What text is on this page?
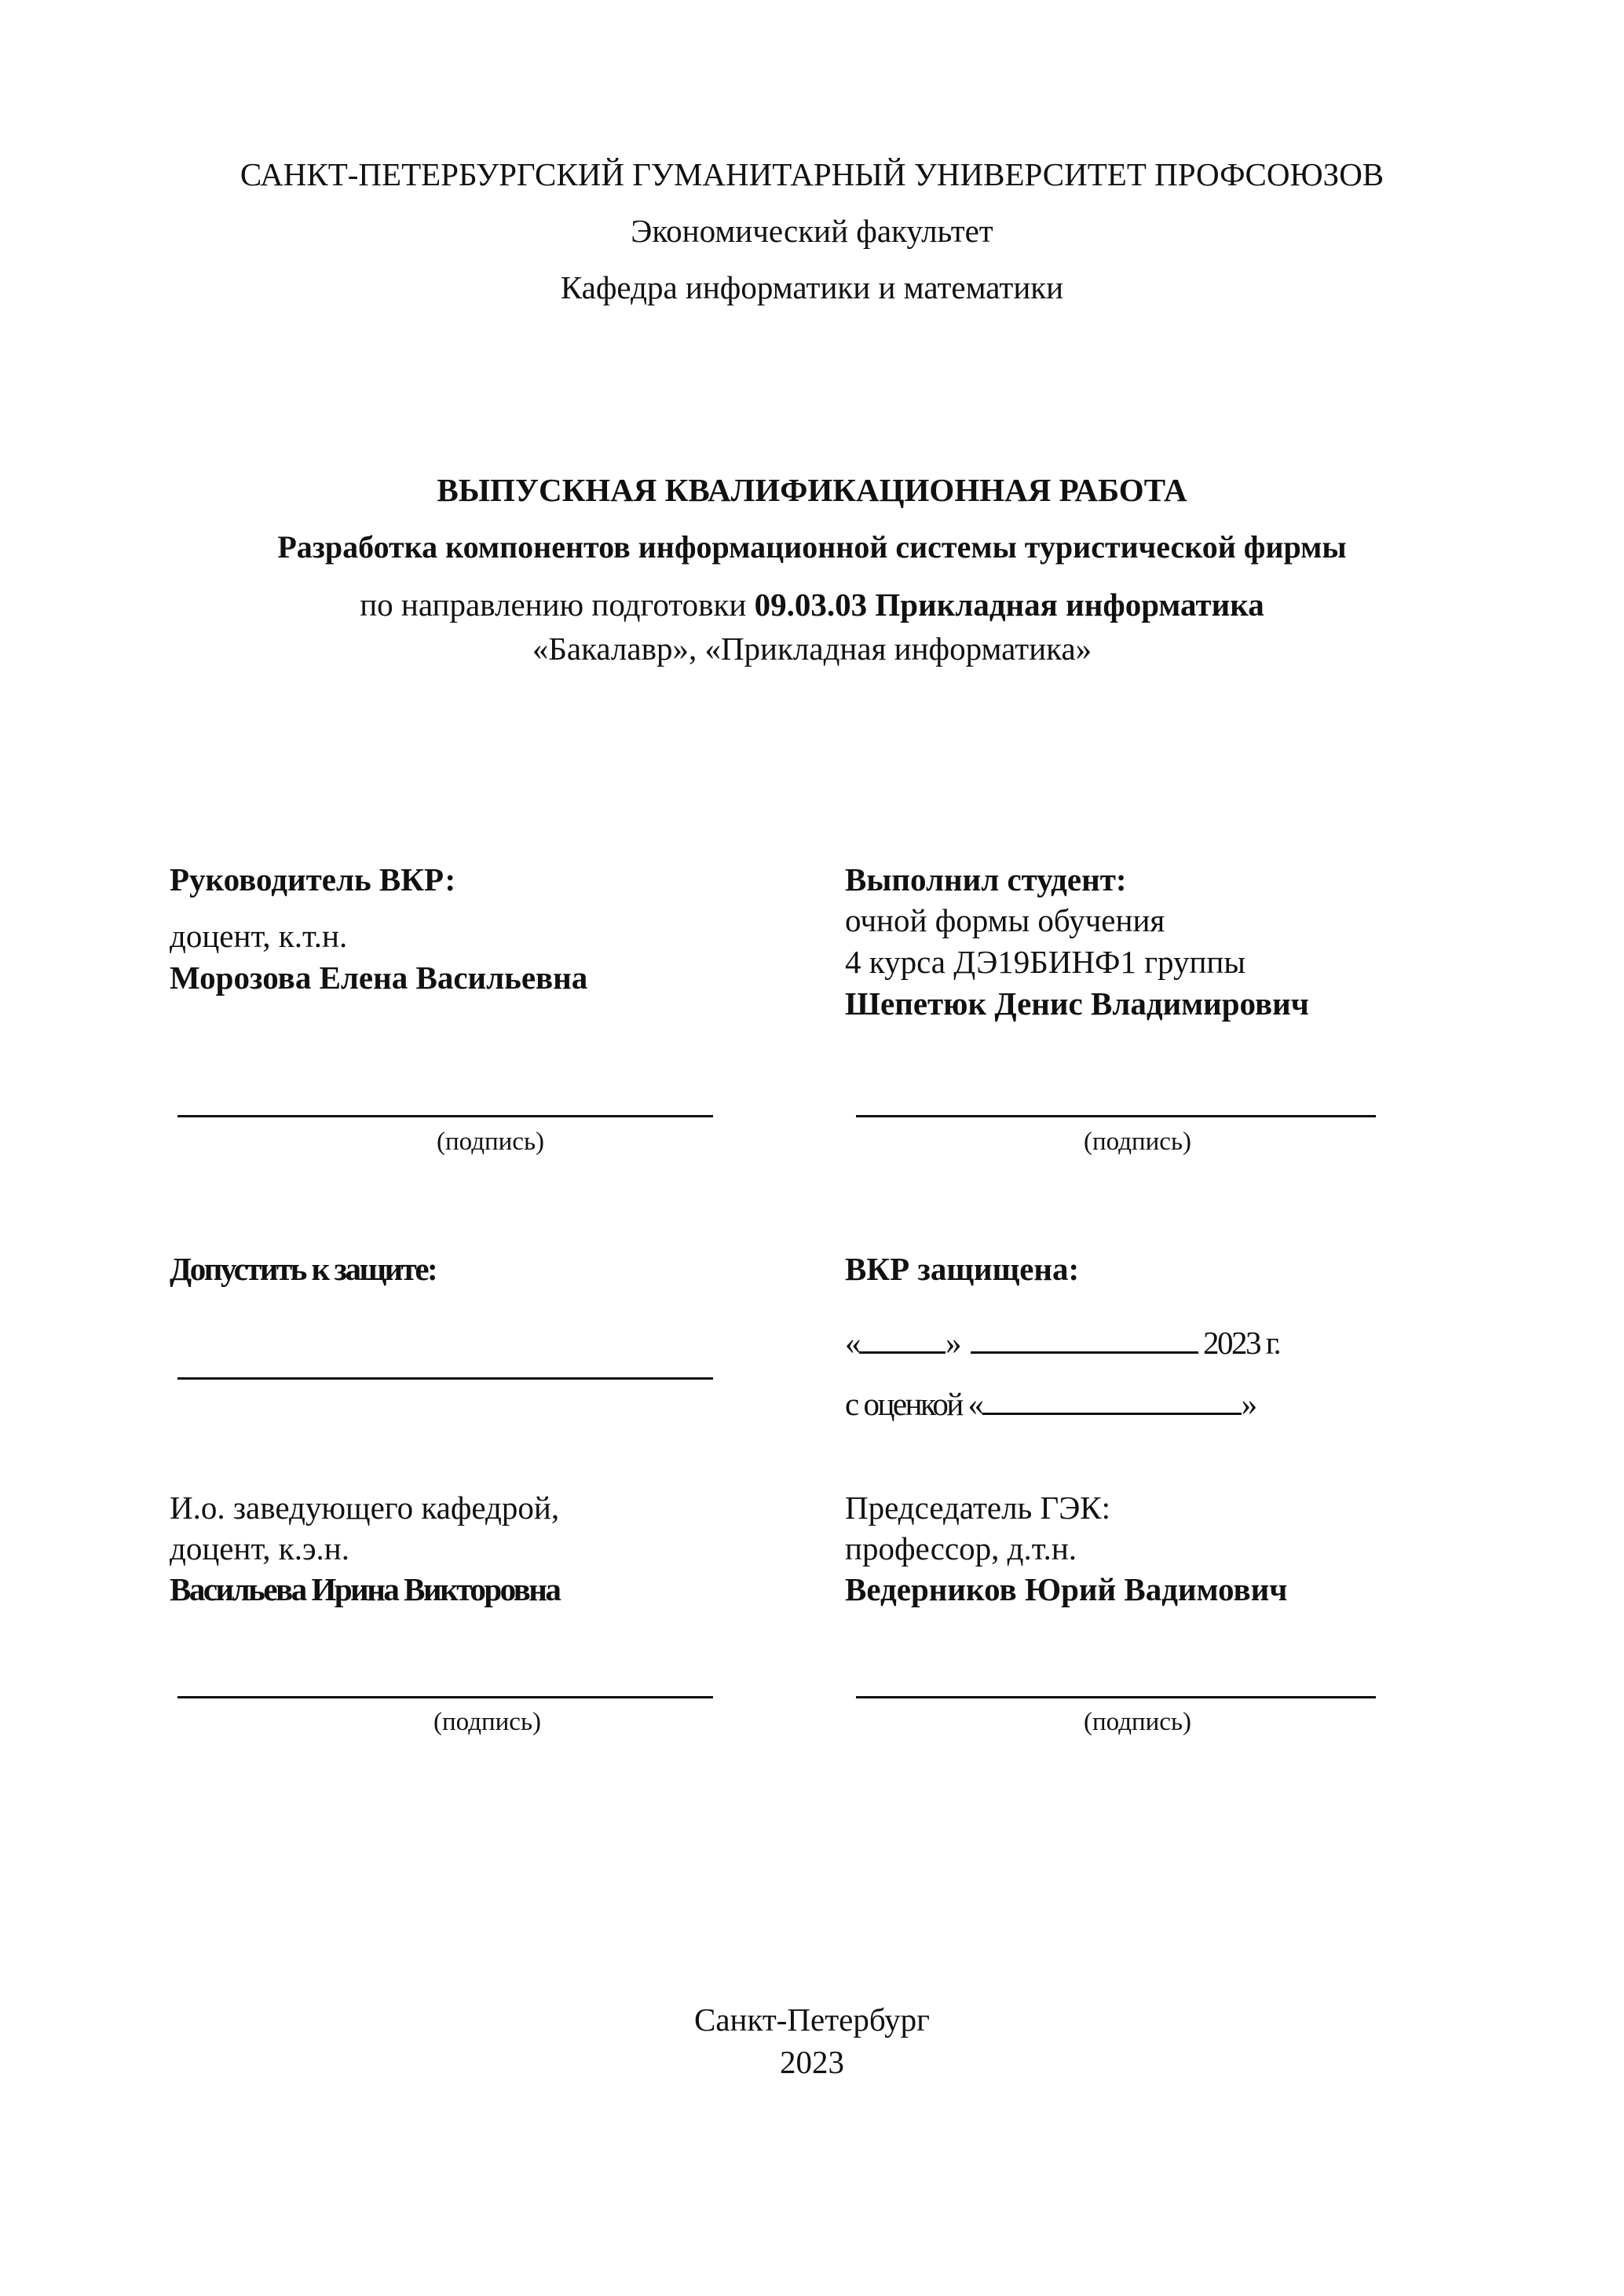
САНКТ-ПЕТЕРБУРГСКИЙ ГУМАНИТАРНЫЙ УНИВЕРСИТЕТ ПРОФСОЮЗОВ
Экономический факультет
Кафедра информатики и математики
ВЫПУСКНАЯ КВАЛИФИКАЦИОННАЯ РАБОТА
Разработка компонентов информационной системы туристической фирмы
по направлению подготовки 09.03.03 Прикладная информатика
«Бакалавр», «Прикладная информатика»
Руководитель ВКР:
доцент, к.т.н.
Морозова Елена Васильевна
(подпись)
Выполнил студент:
очной формы обучения
4 курса ДЭ19БИНФ1 группы
Шепетюк Денис Владимирович
(подпись)
Допустить к защите:	ВКР защищена:
«	»	2023 г.
с оценкой «	»
И.о. заведующего кафедрой,
доцент, к.э.н.
Васильева Ирина Викторовна
(подпись)
Председатель ГЭК:
профессор, д.т.н.
Ведерников Юрий Вадимович
(подпись)
Санкт-Петербург
2023
